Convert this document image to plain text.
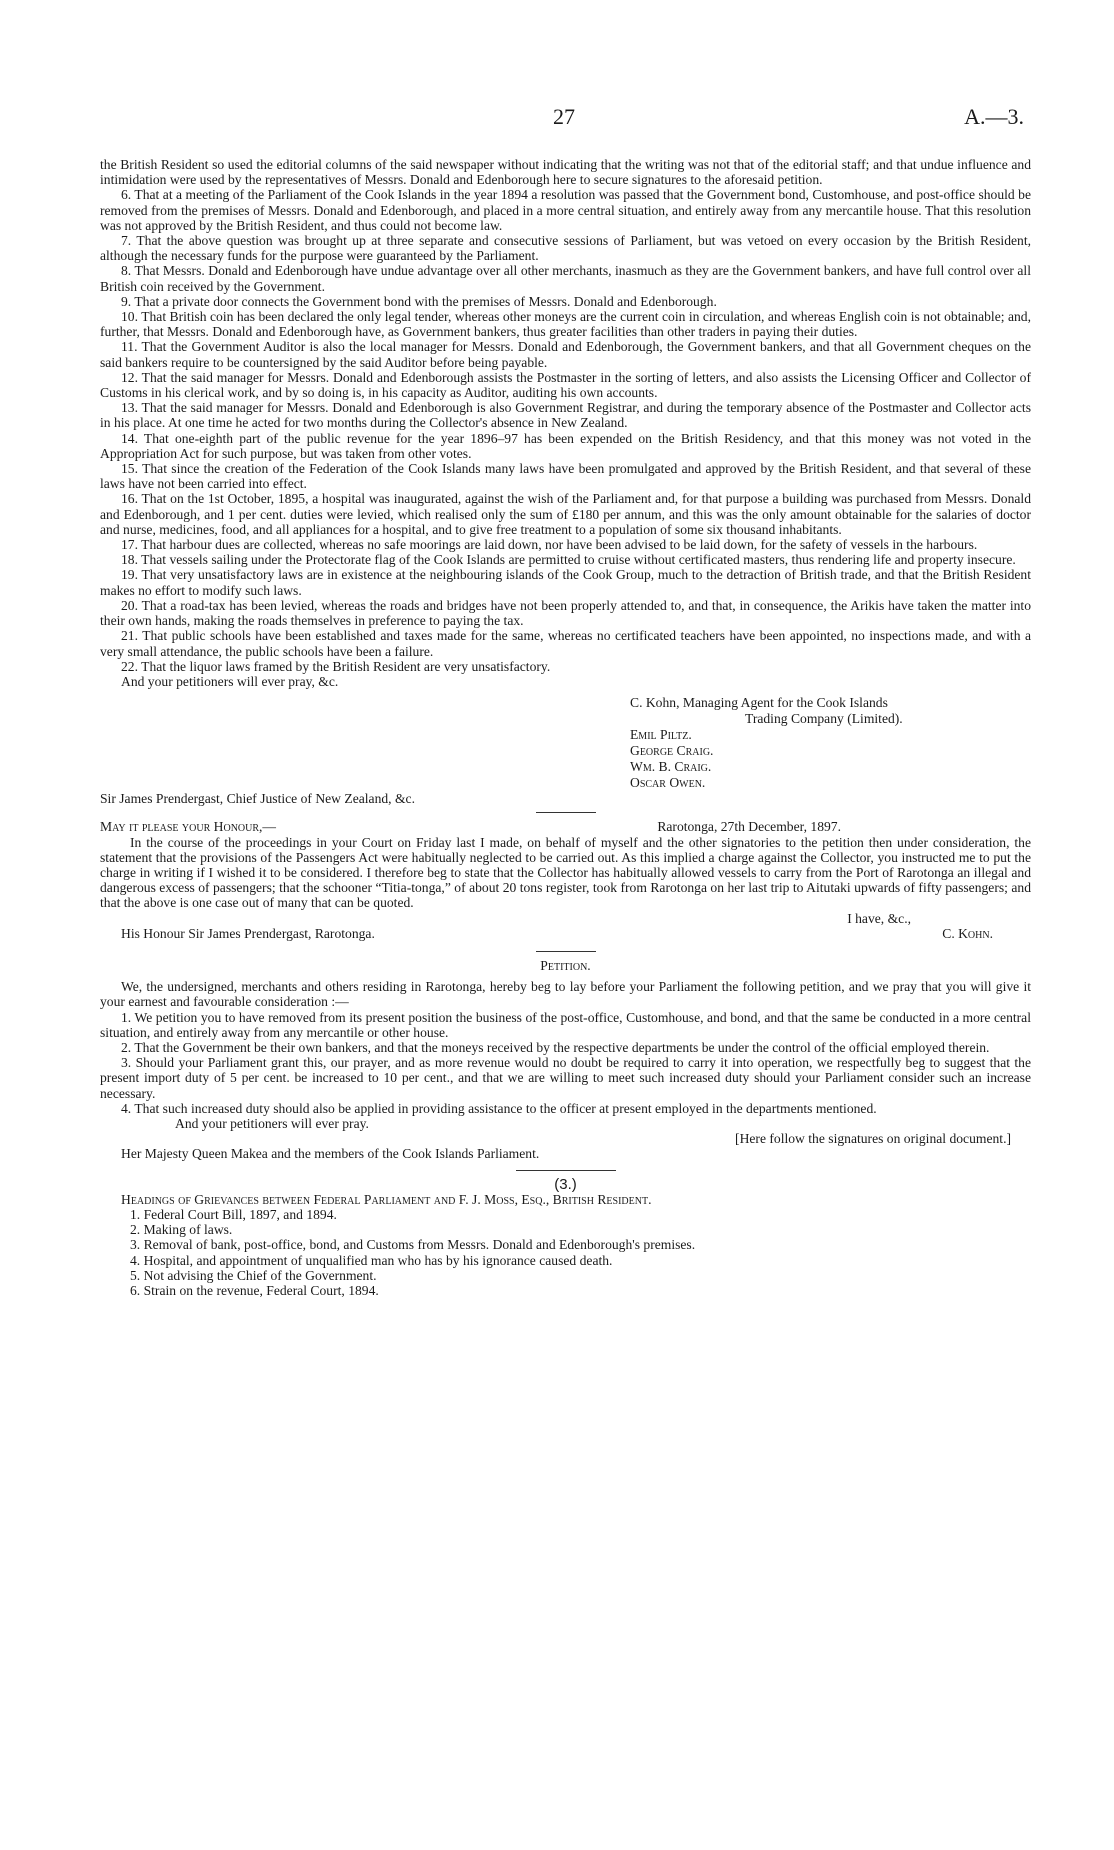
27	A.—3.

the British Resident so used the editorial columns of the said newspaper without indicating that the writing was not that of the editorial staff; and that undue influence and intimidation were used by the representatives of Messrs. Donald and Edenborough here to secure signatures to the aforesaid petition.

6. That at a meeting of the Parliament of the Cook Islands in the year 1894 a resolution was passed that the Government bond, Customhouse, and post-office should be removed from the premises of Messrs. Donald and Edenborough, and placed in a more central situation, and entirely away from any mercantile house. That this resolution was not approved by the British Resident, and thus could not become law.

7. That the above question was brought up at three separate and consecutive sessions of Parliament, but was vetoed on every occasion by the British Resident, although the necessary funds for the purpose were guaranteed by the Parliament.

8. That Messrs. Donald and Edenborough have undue advantage over all other merchants, inasmuch as they are the Government bankers, and have full control over all British coin received by the Government.

9. That a private door connects the Government bond with the premises of Messrs. Donald and Edenborough.

10. That British coin has been declared the only legal tender, whereas other moneys are the current coin in circulation, and whereas English coin is not obtainable; and, further, that Messrs. Donald and Edenborough have, as Government bankers, thus greater facilities than other traders in paying their duties.

11. That the Government Auditor is also the local manager for Messrs. Donald and Edenborough, the Government bankers, and that all Government cheques on the said bankers require to be countersigned by the said Auditor before being payable.

12. That the said manager for Messrs. Donald and Edenborough assists the Postmaster in the sorting of letters, and also assists the Licensing Officer and Collector of Customs in his clerical work, and by so doing is, in his capacity as Auditor, auditing his own accounts.

13. That the said manager for Messrs. Donald and Edenborough is also Government Registrar, and during the temporary absence of the Postmaster and Collector acts in his place. At one time he acted for two months during the Collector's absence in New Zealand.

14. That one-eighth part of the public revenue for the year 1896–97 has been expended on the British Residency, and that this money was not voted in the Appropriation Act for such purpose, but was taken from other votes.

15. That since the creation of the Federation of the Cook Islands many laws have been promulgated and approved by the British Resident, and that several of these laws have not been carried into effect.

16. That on the 1st October, 1895, a hospital was inaugurated, against the wish of the Parliament and, for that purpose a building was purchased from Messrs. Donald and Edenborough, and 1 per cent. duties were levied, which realised only the sum of £180 per annum, and this was the only amount obtainable for the salaries of doctor and nurse, medicines, food, and all appliances for a hospital, and to give free treatment to a population of some six thousand inhabitants.

17. That harbour dues are collected, whereas no safe moorings are laid down, nor have been advised to be laid down, for the safety of vessels in the harbours.

18. That vessels sailing under the Protectorate flag of the Cook Islands are permitted to cruise without certificated masters, thus rendering life and property insecure.

19. That very unsatisfactory laws are in existence at the neighbouring islands of the Cook Group, much to the detraction of British trade, and that the British Resident makes no effort to modify such laws.

20. That a road-tax has been levied, whereas the roads and bridges have not been properly attended to, and that, in consequence, the Arikis have taken the matter into their own hands, making the roads themselves in preference to paying the tax.

21. That public schools have been established and taxes made for the same, whereas no certificated teachers have been appointed, no inspections made, and with a very small attendance, the public schools have been a failure.

22. That the liquor laws framed by the British Resident are very unsatisfactory.

And your petitioners will ever pray, &c.

C. Kohn, Managing Agent for the Cook Islands
Trading Company (Limited).
Emil Piltz.
George Craig.
Wm. B. Craig.
Oscar Owen.

Sir James Prendergast, Chief Justice of New Zealand, &c.

May it please your Honour,—	Rarotonga, 27th December, 1897.

In the course of the proceedings in your Court on Friday last I made, on behalf of myself and the other signatories to the petition then under consideration, the statement that the provisions of the Passengers Act were habitually neglected to be carried out. As this implied a charge against the Collector, you instructed me to put the charge in writing if I wished it to be considered. I therefore beg to state that the Collector has habitually allowed vessels to carry from the Port of Rarotonga an illegal and dangerous excess of passengers; that the schooner “Titia-tonga,” of about 20 tons register, took from Rarotonga on her last trip to Aitutaki upwards of fifty passengers; and that the above is one case out of many that can be quoted.

I have, &c.,

His Honour Sir James Prendergast, Rarotonga.	C. Kohn.

Petition.

We, the undersigned, merchants and others residing in Rarotonga, hereby beg to lay before your Parliament the following petition, and we pray that you will give it your earnest and favourable consideration :—

1. We petition you to have removed from its present position the business of the post-office, Customhouse, and bond, and that the same be conducted in a more central situation, and entirely away from any mercantile or other house.

2. That the Government be their own bankers, and that the moneys received by the respective departments be under the control of the official employed therein.

3. Should your Parliament grant this, our prayer, and as more revenue would no doubt be required to carry it into operation, we respectfully beg to suggest that the present import duty of 5 per cent. be increased to 10 per cent., and that we are willing to meet such increased duty should your Parliament consider such an increase necessary.

4. That such increased duty should also be applied in providing assistance to the officer at present employed in the departments mentioned.

And your petitioners will ever pray.

[Here follow the signatures on original document.]

Her Majesty Queen Makea and the members of the Cook Islands Parliament.

(3.)

Headings of Grievances between Federal Parliament and F. J. Moss, Esq., British Resident.

1. Federal Court Bill, 1897, and 1894.
2. Making of laws.
3. Removal of bank, post-office, bond, and Customs from Messrs. Donald and Edenborough's premises.
4. Hospital, and appointment of unqualified man who has by his ignorance caused death.
5. Not advising the Chief of the Government.
6. Strain on the revenue, Federal Court, 1894.
